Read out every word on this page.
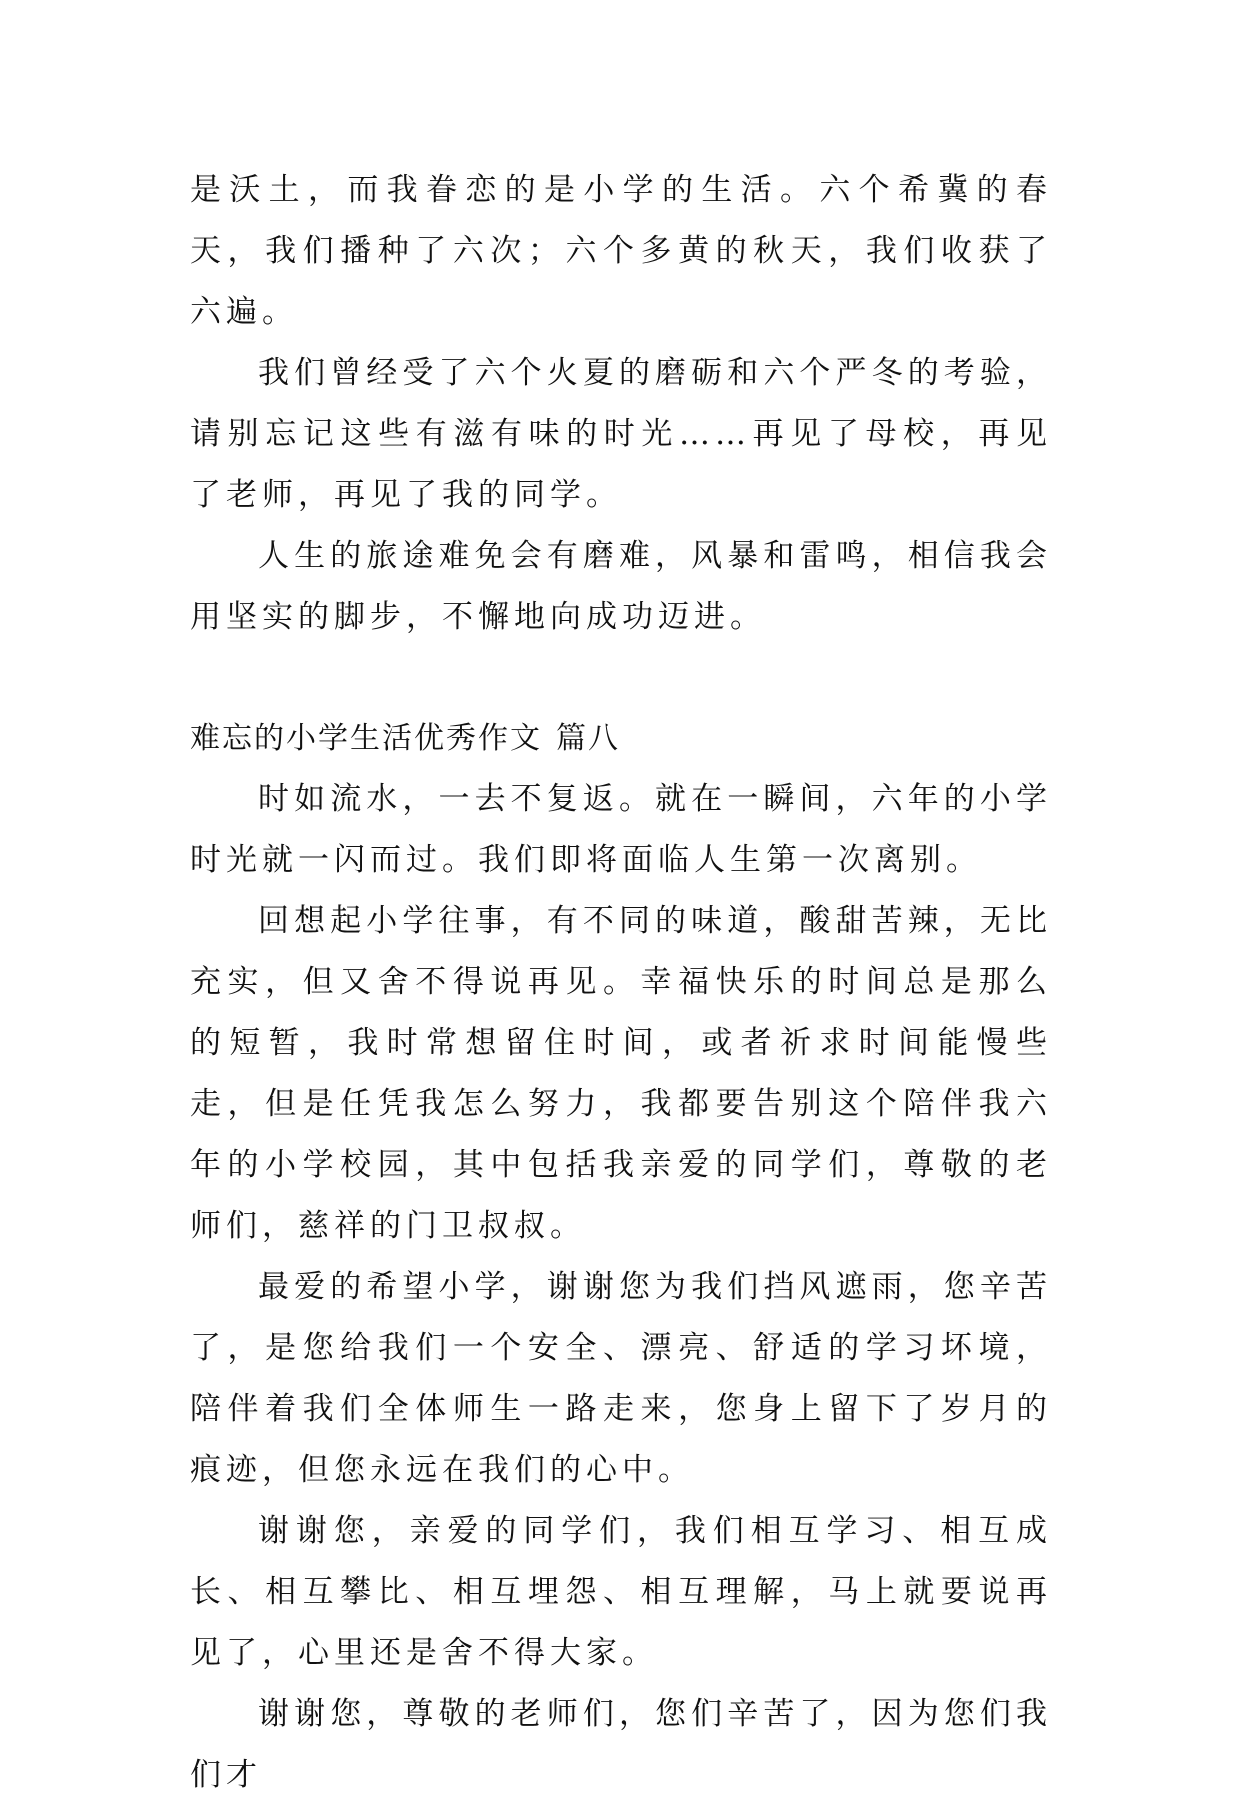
是沃土，而我眷恋的是小学的生活。六个希冀的春天，我们播种了六次；六个多黄的秋天，我们收获了六遍。

我们曾经受了六个火夏的磨砺和六个严冬的考验，请别忘记这些有滋有味的时光……再见了母校，再见了老师，再见了我的同学。

人生的旅途难免会有磨难，风暴和雷鸣，相信我会用坚实的脚步，不懈地向成功迈进。

难忘的小学生活优秀作文 篇八

时如流水，一去不复返。就在一瞬间，六年的小学时光就一闪而过。我们即将面临人生第一次离别。

回想起小学往事，有不同的味道，酸甜苦辣，无比充实，但又舍不得说再见。幸福快乐的时间总是那么的短暂，我时常想留住时间，或者祈求时间能慢些走，但是任凭我怎么努力，我都要告别这个陪伴我六年的小学校园，其中包括我亲爱的同学们，尊敬的老师们，慈祥的门卫叔叔。

最爱的希望小学，谢谢您为我们挡风遮雨，您辛苦了，是您给我们一个安全、漂亮、舒适的学习坏境，陪伴着我们全体师生一路走来，您身上留下了岁月的痕迹，但您永远在我们的心中。

谢谢您，亲爱的同学们，我们相互学习、相互成长、相互攀比、相互埋怨、相互理解，马上就要说再见了，心里还是舍不得大家。

谢谢您，尊敬的老师们，您们辛苦了，因为您们我们才
